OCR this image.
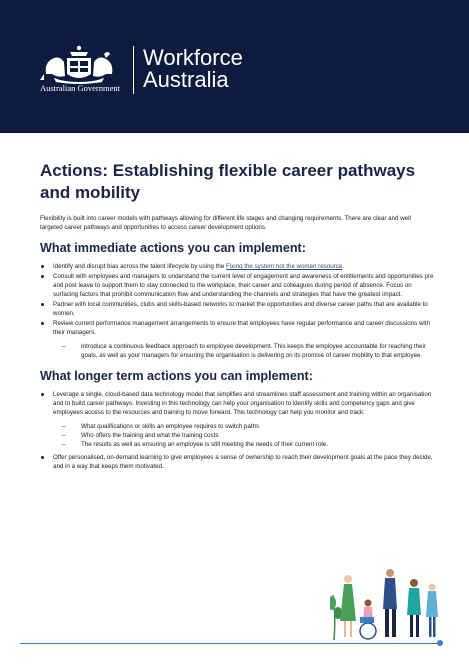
Australian Government
Workforce
Australia
Actions: Establishing flexible career pathways and mobility

Flexibility is built into career models with pathways allowing for different life stages and changing requirements. There are clear and well targeted career pathways and opportunities to access career development options.

What immediate actions you can implement:
Identify and disrupt bias across the talent lifecycle by using the Fixing the system not the women resource.
Consult with employees and managers to understand the current level of engagement and awareness of entitlements and opportunities pre and post leave to support them to stay connected to the workplace, their career and colleagues during period of absence. Focus on surfacing factors that prohibit communication flow and understanding the channels and strategies that have the greatest impact.
Partner with local communities, clubs and skills-based networks to market the opportunities and diverse career paths that are available to women.
Review current performance management arrangements to ensure that employees have regular performance and career discussions with their managers.
–	Introduce a continuous feedback approach to employee development. This keeps the employee accountable for reaching their goals, as well as your managers for ensuring the organisation is delivering on its promise of career mobility to that employee.
What longer term actions you can implement:
Leverage a single, cloud-based data technology model that simplifies and streamlines staff assessment and training within an organisation and to build career pathways. Investing in this technology can help your organisation to identify skills and competency gaps and give employees access to the resources and training to move forward. This technology can help you monitor and track:
–	What qualifications or skills an employee requires to switch paths
–	Who offers the training and what the training costs
–	The results as well as ensuring an employee is still meeting the needs of their current role.
Offer personalised, on-demand learning to give employees a sense of ownership to reach their development goals at the pace they decide, and in a way that keeps them motivated.
